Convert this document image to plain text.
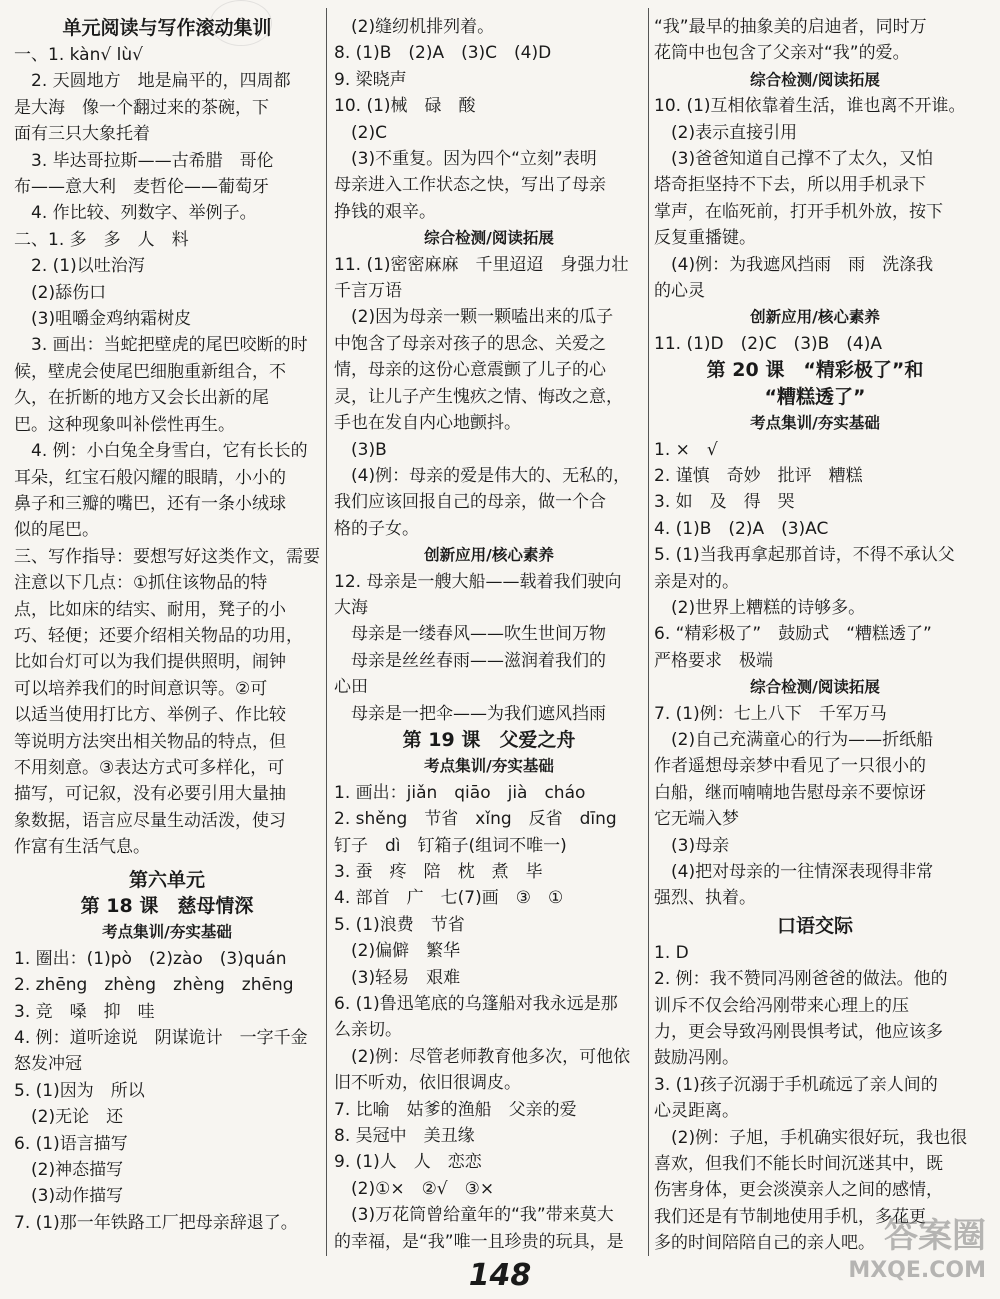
单元阅读与写作滚动集训
一、1. kàn√ lù√
　2. 天圆地方　地是扁平的，四周都
是大海　像一个翻过来的茶碗，下
面有三只大象托着
　3. 毕达哥拉斯——古希腊　哥伦
布——意大利　麦哲伦——葡萄牙
　4. 作比较、列数字、举例子。
二、1. 多　多　人　料
　2. (1)以吐治泻
　(2)舔伤口
　(3)咀嚼金鸡纳霜树皮
　3. 画出：当蛇把壁虎的尾巴咬断的时
候，壁虎会使尾巴细胞重新组合，不
久，在折断的地方又会长出新的尾
巴。这种现象叫补偿性再生。
　4. 例：小白兔全身雪白，它有长长的
耳朵，红宝石般闪耀的眼睛，小小的
鼻子和三瓣的嘴巴，还有一条小绒球
似的尾巴。
三、写作指导：要想写好这类作文，需要
注意以下几点：①抓住该物品的特
点，比如床的结实、耐用，凳子的小
巧、轻便；还要介绍相关物品的功用，
比如台灯可以为我们提供照明，闹钟
可以培养我们的时间意识等。②可
以适当使用打比方、举例子、作比较
等说明方法突出相关物品的特点，但
不用刻意。③表达方式可多样化，可
描写，可记叙，没有必要引用大量抽
象数据，语言应尽量生动活泼，使习
作富有生活气息。
第六单元
第 18 课　慈母情深
考点集训/夯实基础
1. 圈出：(1)pò　(2)zào　(3)quán
2. zhēng　zhèng　zhèng　zhēng
3. 竞　嗓　抑　哇
4. 例：道听途说　阴谋诡计　一字千金
怒发冲冠
5. (1)因为　所以
　(2)无论　还
6. (1)语言描写
　(2)神态描写
　(3)动作描写
7. (1)那一年铁路工厂把母亲辞退了。
　(2)缝纫机排列着。
8. (1)B　(2)A　(3)C　(4)D
9. 梁晓声
10. (1)械　碌　酸
　(2)C
　(3)不重复。因为四个“立刻”表明
母亲进入工作状态之快，写出了母亲
挣钱的艰辛。
综合检测/阅读拓展
11. (1)密密麻麻　千里迢迢　身强力壮
千言万语
　(2)因为母亲一颗一颗嗑出来的瓜子
中饱含了母亲对孩子的思念、关爱之
情，母亲的这份心意震颤了儿子的心
灵，让儿子产生愧疚之情、悔改之意，
手也在发自内心地颤抖。
　(3)B
　(4)例：母亲的爱是伟大的、无私的，
我们应该回报自己的母亲，做一个合
格的子女。
创新应用/核心素养
12. 母亲是一艘大船——载着我们驶向
大海
　母亲是一缕春风——吹生世间万物
　母亲是丝丝春雨——滋润着我们的
心田
　母亲是一把伞——为我们遮风挡雨
第 19 课　父爱之舟
考点集训/夯实基础
1. 画出：jiǎn　qiāo　jià　cháo
2. shěng　节省　xǐng　反省　dīng
钉子　dì　钉箱子(组词不唯一)
3. 蚕　疼　陪　枕　煮　毕
4. 部首　广　七(7)画　③　①
5. (1)浪费　节省
　(2)偏僻　繁华
　(3)轻易　艰难
6. (1)鲁迅笔底的乌篷船对我永远是那
么亲切。
　(2)例：尽管老师教育他多次，可他依
旧不听劝，依旧很调皮。
7. 比喻　姑爹的渔船　父亲的爱
8. 吴冠中　美丑缘
9. (1)人　人　恋恋
　(2)①×　②√　③×
　(3)万花筒曾给童年的“我”带来莫大
的幸福，是“我”唯一且珍贵的玩具，是
“我”最早的抽象美的启迪者，同时万
花筒中也包含了父亲对“我”的爱。
综合检测/阅读拓展
10. (1)互相依靠着生活，谁也离不开谁。
　(2)表示直接引用
　(3)爸爸知道自己撑不了太久，又怕
塔奇拒坚持不下去，所以用手机录下
掌声，在临死前，打开手机外放，按下
反复重播键。
　(4)例：为我遮风挡雨　雨　洗涤我
的心灵
创新应用/核心素养
11. (1)D　(2)C　(3)B　(4)A
第 20 课　“精彩极了”和
“糟糕透了”
考点集训/夯实基础
1. ×　√
2. 谨慎　奇妙　批评　糟糕
3. 如　及　得　哭
4. (1)B　(2)A　(3)AC
5. (1)当我再拿起那首诗，不得不承认父
亲是对的。
　(2)世界上糟糕的诗够多。
6. “精彩极了”　鼓励式　“糟糕透了”
严格要求　极端
综合检测/阅读拓展
7. (1)例：七上八下　千军万马
　(2)自己充满童心的行为——折纸船
作者遥想母亲梦中看见了一只很小的
白船，继而喃喃地告慰母亲不要惊讶
它无端入梦
　(3)母亲
　(4)把对母亲的一往情深表现得非常
强烈、执着。
口语交际
1. D
2. 例：我不赞同冯刚爸爸的做法。他的
训斥不仅会给冯刚带来心理上的压
力，更会导致冯刚畏惧考试，他应该多
鼓励冯刚。
3. (1)孩子沉溺于手机疏远了亲人间的
心灵距离。
　(2)例：子旭，手机确实很好玩，我也很
喜欢，但我们不能长时间沉迷其中，既
伤害身体，更会淡漠亲人之间的感情，
我们还是有节制地使用手机，多花更
多的时间陪陪自己的亲人吧。
148
答案圈
MXQE.COM
